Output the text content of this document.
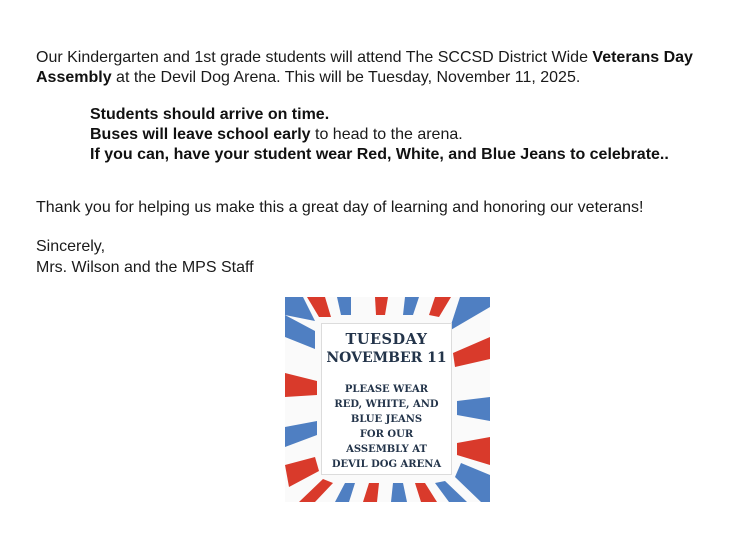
Our Kindergarten and 1st grade students will attend The SCCSD District Wide Veterans Day Assembly at the Devil Dog Arena. This will be Tuesday, November 11, 2025.
Students should arrive on time.
Buses will leave school early to head to the arena.
If you can, have your student wear Red, White, and Blue Jeans to celebrate..
Thank you for helping us make this a great day of learning and honoring our veterans!
Sincerely,
Mrs. Wilson and the MPS Staff
TUESDAY
NOVEMBER 11
PLEASE WEAR
RED, WHITE, AND
BLUE JEANS
FOR OUR
ASSEMBLY AT
DEVIL DOG ARENA
